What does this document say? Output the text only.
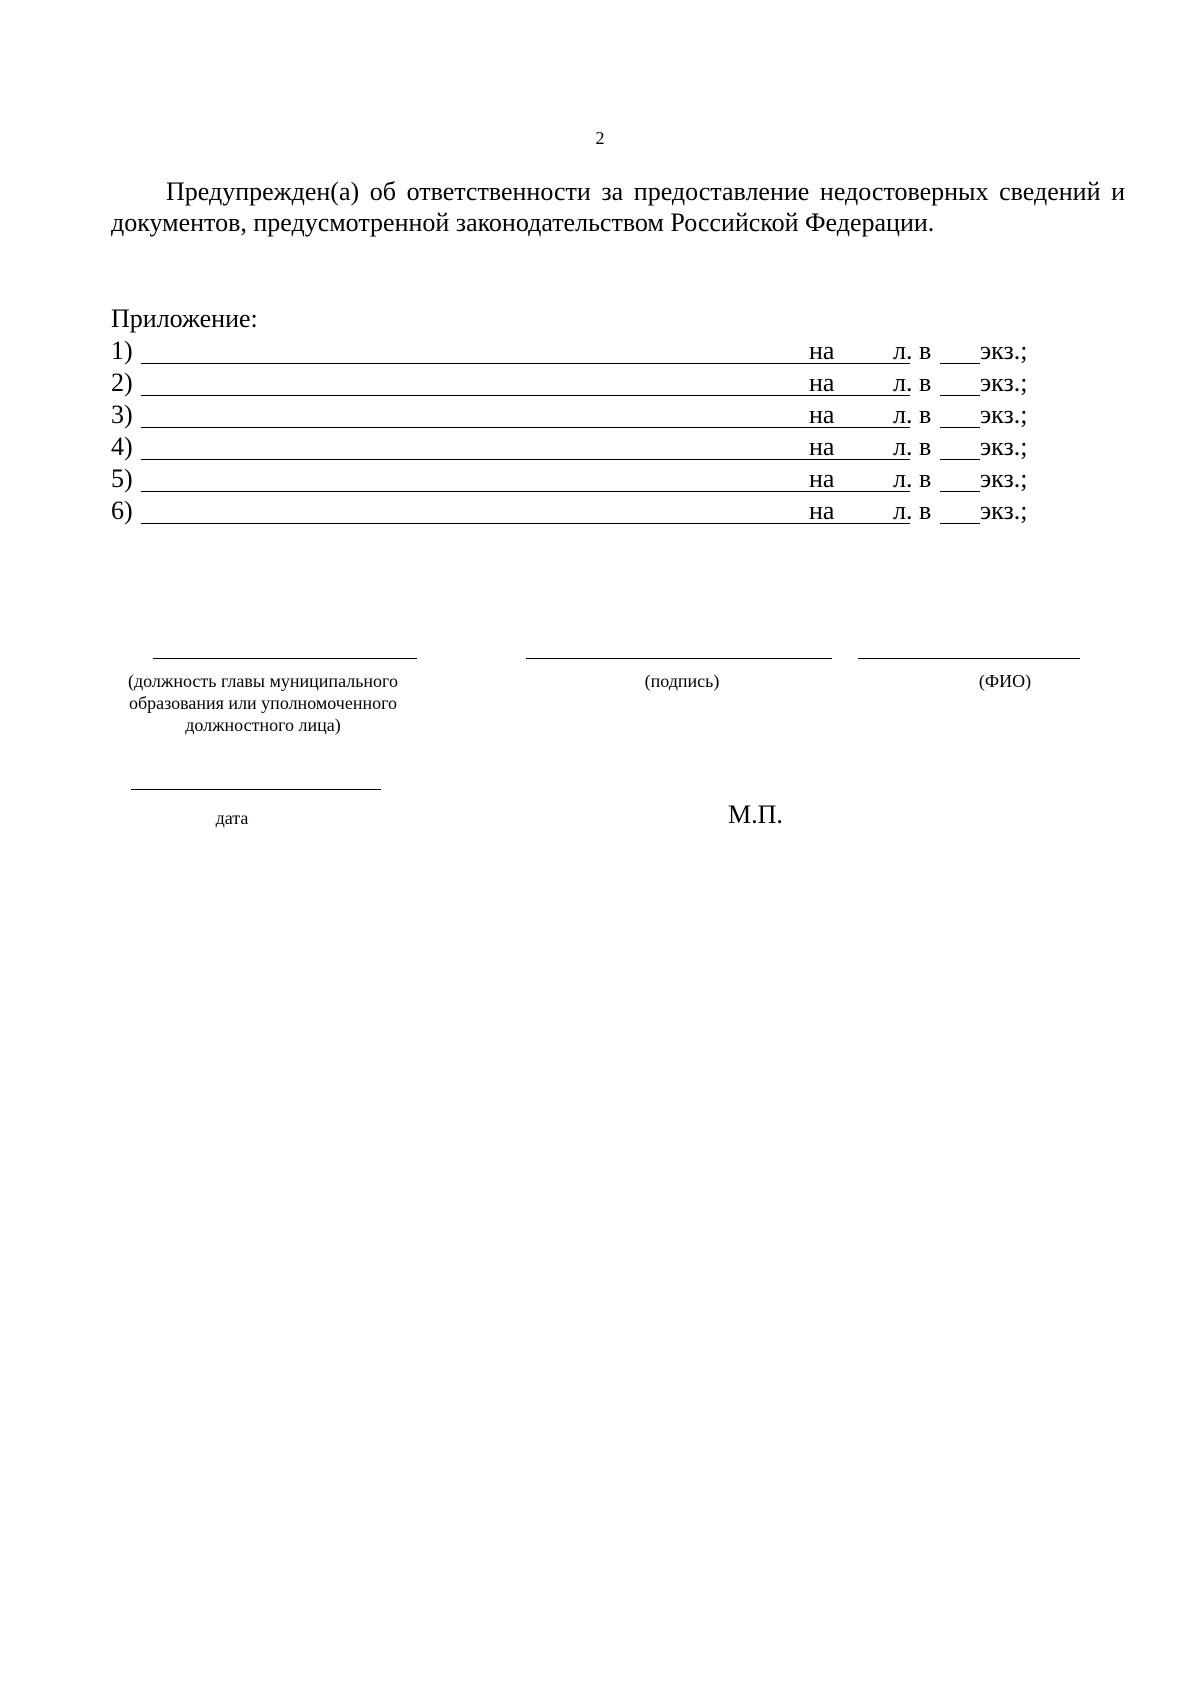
2
Предупрежден(а) об ответственности за предоставление недостоверных сведений и документов, предусмотренной законодательством Российской Федерации.
Приложение:
1)	на л. в экз.;
2)	на л. в экз.;
3)	на л. в экз.;
4)	на л. в экз.;
5)	на л. в экз.;
6)	на л. в экз.;
(должность главы муниципального образования или уполномоченного должностного лица)
(подпись)	(ФИО)
дата	М.П.
